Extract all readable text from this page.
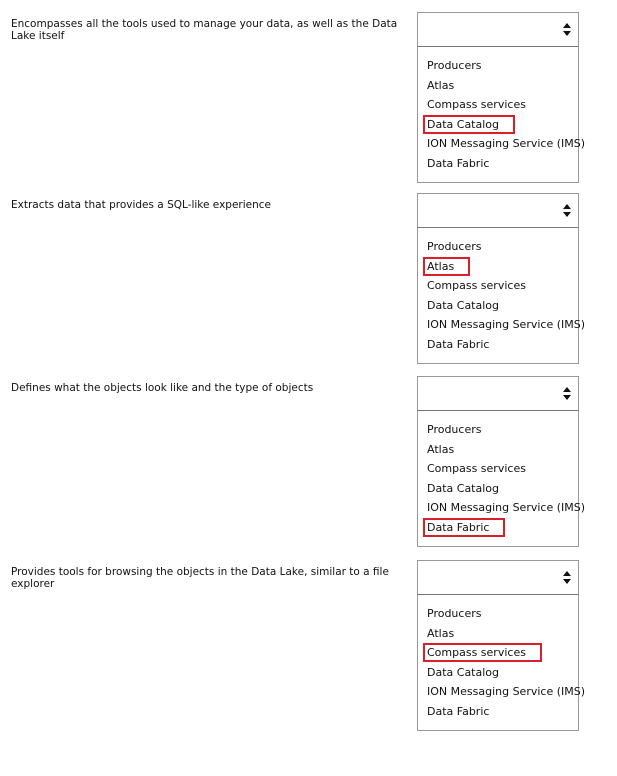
Encompasses all the tools used to manage your data, as well as the Data Lake itself
Producers
Atlas
Compass services
Data Catalog
ION Messaging Service (IMS)
Data Fabric
Extracts data that provides a SQL-like experience
Producers
Atlas
Compass services
Data Catalog
ION Messaging Service (IMS)
Data Fabric
Defines what the objects look like and the type of objects
Producers
Atlas
Compass services
Data Catalog
ION Messaging Service (IMS)
Data Fabric
Provides tools for browsing the objects in the Data Lake, similar to a file explorer
Producers
Atlas
Compass services
Data Catalog
ION Messaging Service (IMS)
Data Fabric
